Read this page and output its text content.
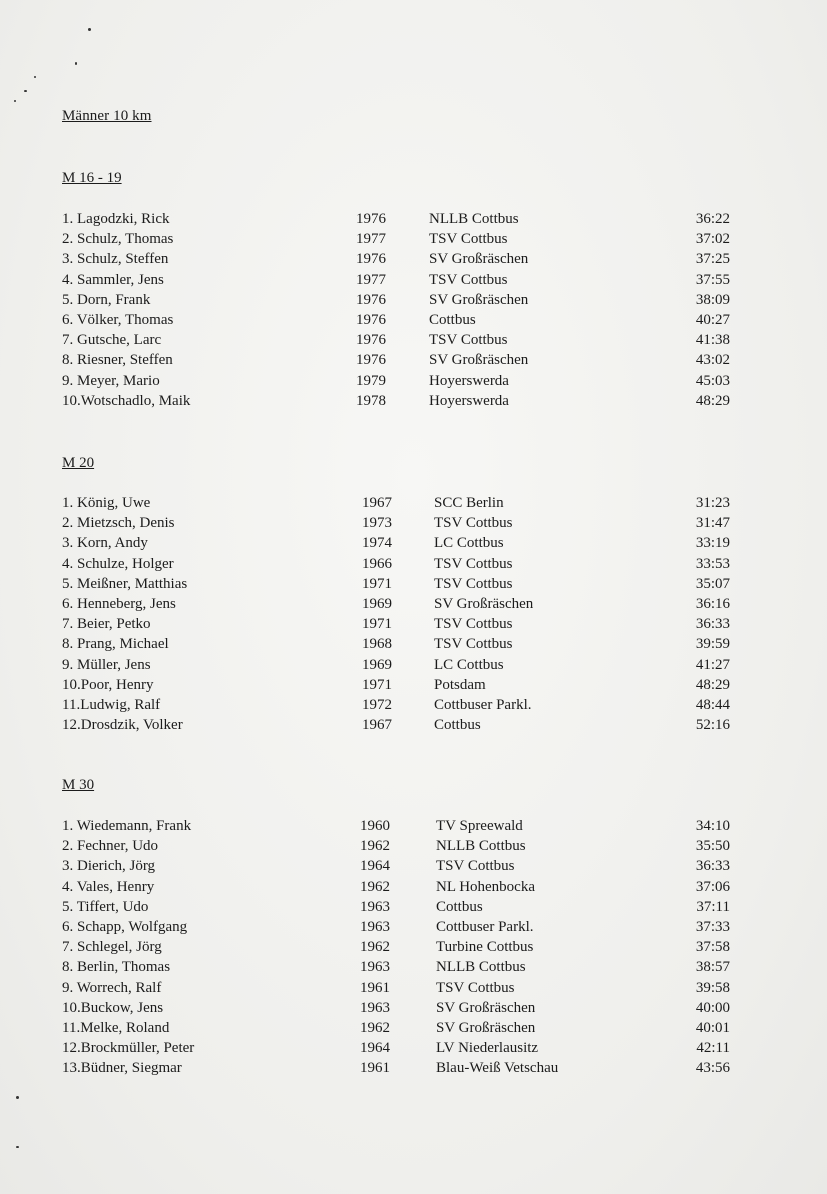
Männer 10 km
M 16 - 19
1. Lagodzki, Rick	1976	NLLB Cottbus	36:22
2. Schulz, Thomas	1977	TSV Cottbus	37:02
3. Schulz, Steffen	1976	SV Großräschen	37:25
4. Sammler, Jens	1977	TSV Cottbus	37:55
5. Dorn, Frank	1976	SV Großräschen	38:09
6. Völker, Thomas	1976	Cottbus	40:27
7. Gutsche, Larc	1976	TSV Cottbus	41:38
8. Riesner, Steffen	1976	SV Großräschen	43:02
9. Meyer, Mario	1979	Hoyerswerda	45:03
10.Wotschadlo, Maik	1978	Hoyerswerda	48:29
M 20
1. König, Uwe	1967	SCC Berlin	31:23
2. Mietzsch, Denis	1973	TSV Cottbus	31:47
3. Korn, Andy	1974	LC Cottbus	33:19
4. Schulze, Holger	1966	TSV Cottbus	33:53
5. Meißner, Matthias	1971	TSV Cottbus	35:07
6. Henneberg, Jens	1969	SV Großräschen	36:16
7. Beier, Petko	1971	TSV Cottbus	36:33
8. Prang, Michael	1968	TSV Cottbus	39:59
9. Müller, Jens	1969	LC Cottbus	41:27
10.Poor, Henry	1971	Potsdam	48:29
11.Ludwig, Ralf	1972	Cottbuser Parkl.	48:44
12.Drosdzik, Volker	1967	Cottbus	52:16
M 30
1. Wiedemann, Frank	1960	TV Spreewald	34:10
2. Fechner, Udo	1962	NLLB Cottbus	35:50
3. Dierich, Jörg	1964	TSV Cottbus	36:33
4. Vales, Henry	1962	NL Hohenbocka	37:06
5. Tiffert, Udo	1963	Cottbus	37:11
6. Schapp, Wolfgang	1963	Cottbuser Parkl.	37:33
7. Schlegel, Jörg	1962	Turbine Cottbus	37:58
8. Berlin, Thomas	1963	NLLB Cottbus	38:57
9. Worrech, Ralf	1961	TSV Cottbus	39:58
10.Buckow, Jens	1963	SV Großräschen	40:00
11.Melke, Roland	1962	SV Großräschen	40:01
12.Brockmüller, Peter	1964	LV Niederlausitz	42:11
13.Büdner, Siegmar	1961	Blau-Weiß Vetschau	43:56
